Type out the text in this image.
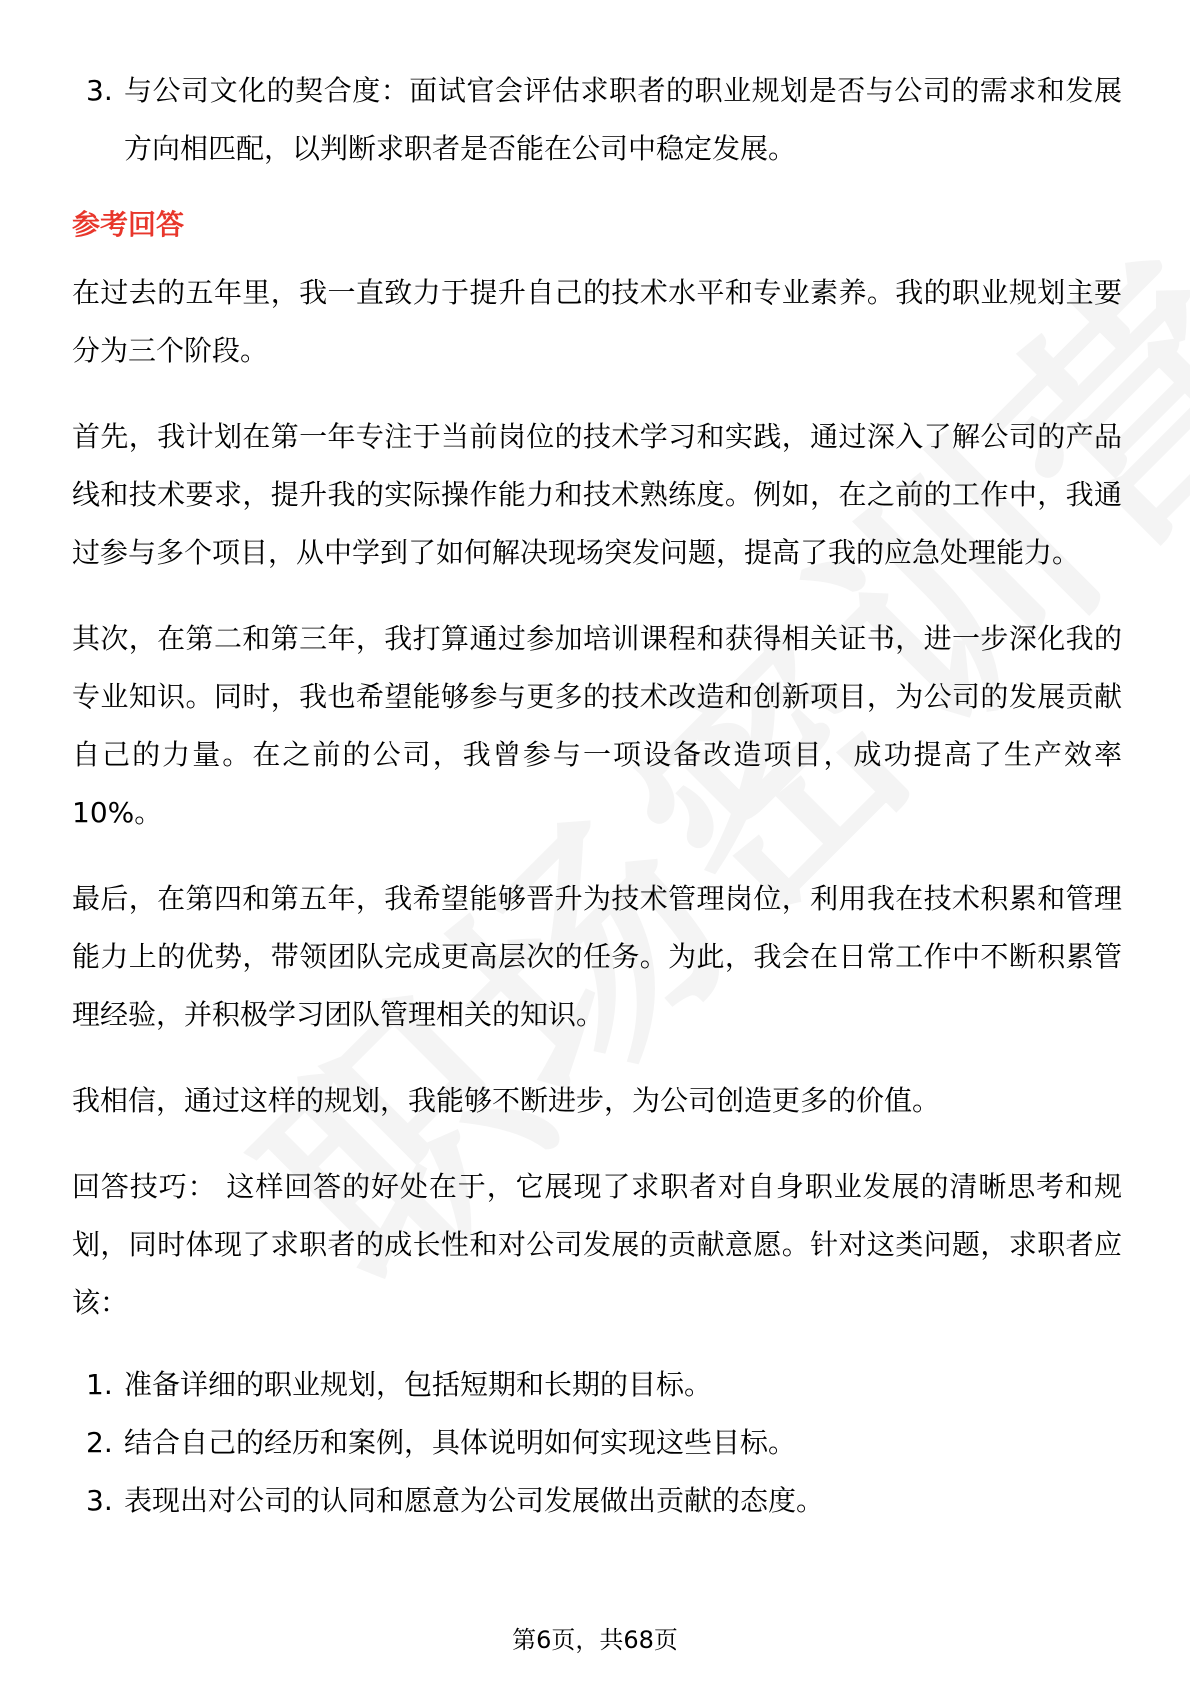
3. 与公司文化的契合度：面试官会评估求职者的职业规划是否与公司的需求和发展方向相匹配，以判断求职者是否能在公司中稳定发展。

参考回答

在过去的五年里，我一直致力于提升自己的技术水平和专业素养。我的职业规划主要分为三个阶段。

首先，我计划在第一年专注于当前岗位的技术学习和实践，通过深入了解公司的产品线和技术要求，提升我的实际操作能力和技术熟练度。例如，在之前的工作中，我通过参与多个项目，从中学到了如何解决现场突发问题，提高了我的应急处理能力。

其次，在第二和第三年，我打算通过参加培训课程和获得相关证书，进一步深化我的专业知识。同时，我也希望能够参与更多的技术改造和创新项目，为公司的发展贡献自己的力量。在之前的公司，我曾参与一项设备改造项目，成功提高了生产效率10%。

最后，在第四和第五年，我希望能够晋升为技术管理岗位，利用我在技术积累和管理能力上的优势，带领团队完成更高层次的任务。为此，我会在日常工作中不断积累管理经验，并积极学习团队管理相关的知识。

我相信，通过这样的规划，我能够不断进步，为公司创造更多的价值。

回答技巧： 这样回答的好处在于，它展现了求职者对自身职业发展的清晰思考和规划，同时体现了求职者的成长性和对公司发展的贡献意愿。针对这类问题，求职者应该：

1. 准备详细的职业规划，包括短期和长期的目标。
2. 结合自己的经历和案例，具体说明如何实现这些目标。
3. 表现出对公司的认同和愿意为公司发展做出贡献的态度。
第6页，共68页
